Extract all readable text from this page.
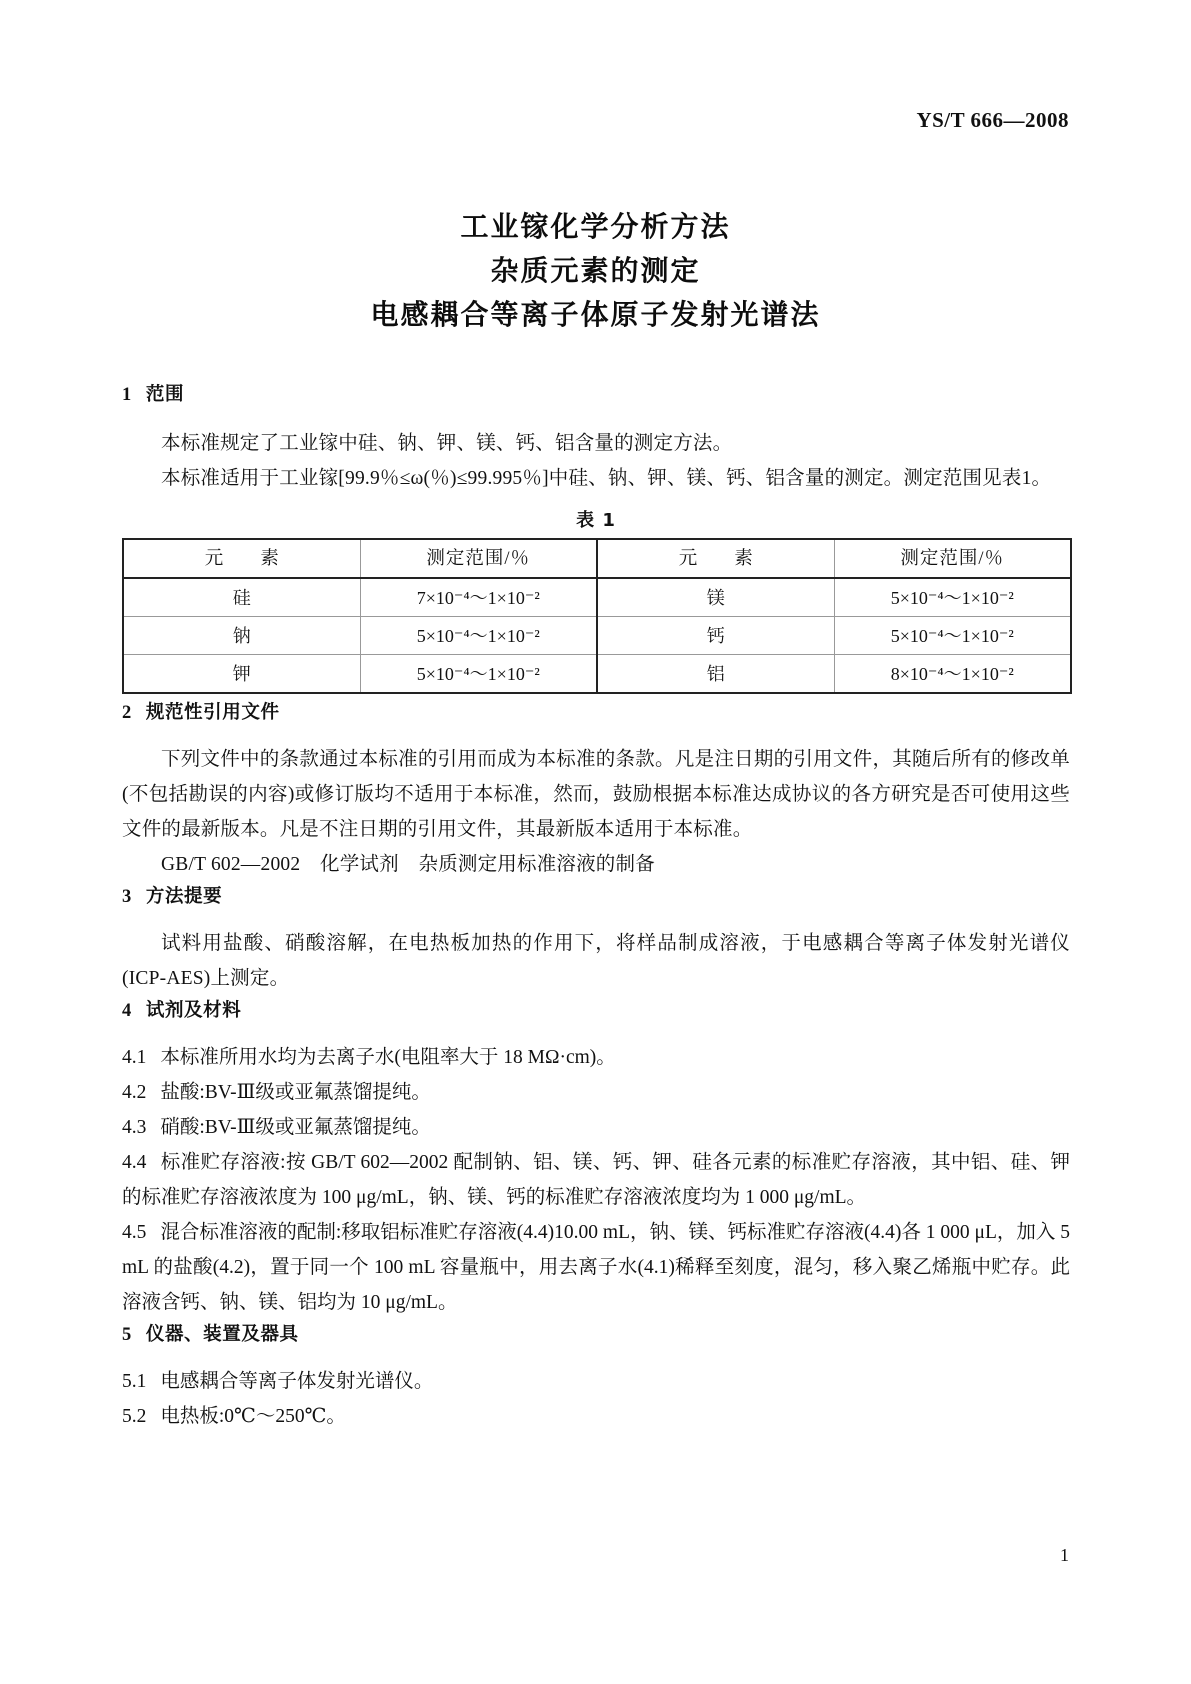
YS/T 666—2008
工业镓化学分析方法
杂质元素的测定
电感耦合等离子体原子发射光谱法
1 范围

本标准规定了工业镓中硅、钠、钾、镁、钙、铝含量的测定方法。

本标准适用于工业镓[99.9％≤ω(％)≤99.995％]中硅、钠、钾、镁、钙、铝含量的测定。测定范围见表1。

表 1
元　　素	测定范围/％	元　　素	测定范围/％
硅	7×10⁻⁴～1×10⁻²	镁	5×10⁻⁴～1×10⁻²
钠	5×10⁻⁴～1×10⁻²	钙	5×10⁻⁴～1×10⁻²
钾	5×10⁻⁴～1×10⁻²	铝	8×10⁻⁴～1×10⁻²
2 规范性引用文件

下列文件中的条款通过本标准的引用而成为本标准的条款。凡是注日期的引用文件，其随后所有的修改单(不包括勘误的内容)或修订版均不适用于本标准，然而，鼓励根据本标准达成协议的各方研究是否可使用这些文件的最新版本。凡是不注日期的引用文件，其最新版本适用于本标准。

GB/T 602—2002　化学试剂　杂质测定用标准溶液的制备

3 方法提要

试料用盐酸、硝酸溶解，在电热板加热的作用下，将样品制成溶液，于电感耦合等离子体发射光谱仪(ICP-AES)上测定。

4 试剂及材料

4.1 本标准所用水均为去离子水(电阻率大于 18 MΩ·cm)。

4.2 盐酸:BV-Ⅲ级或亚氟蒸馏提纯。

4.3 硝酸:BV-Ⅲ级或亚氟蒸馏提纯。

4.4 标准贮存溶液:按 GB/T 602—2002 配制钠、铝、镁、钙、钾、硅各元素的标准贮存溶液，其中铝、硅、钾的标准贮存溶液浓度为 100 μg/mL，钠、镁、钙的标准贮存溶液浓度均为 1 000 μg/mL。

4.5 混合标准溶液的配制:移取铝标准贮存溶液(4.4)10.00 mL，钠、镁、钙标准贮存溶液(4.4)各 1 000 μL，加入 5 mL 的盐酸(4.2)，置于同一个 100 mL 容量瓶中，用去离子水(4.1)稀释至刻度，混匀，移入聚乙烯瓶中贮存。此溶液含钙、钠、镁、铝均为 10 μg/mL。

5 仪器、装置及器具

5.1 电感耦合等离子体发射光谱仪。

5.2 电热板:0℃～250℃。

1
